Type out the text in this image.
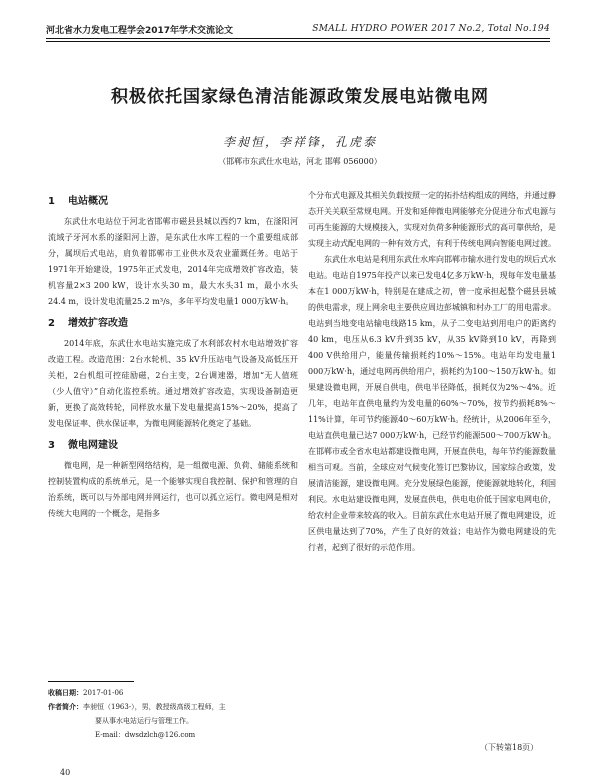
河北省水力发电工程学会2017年学术交流论文	SMALL HYDRO POWER 2017 No.2, Total No.194
积极依托国家绿色清洁能源政策发展电站微电网
李昶恒，李祥锋，孔虎泰
（邯郸市东武仕水电站，河北 邯郸 056000）
1 电站概况

东武仕水电站位于河北省邯郸市磁县县城以西约7 km，在滏阳河流域子牙河水系的滏阳河上游，是东武仕水库工程的一个重要组成部分，属坝后式电站，肩负着邯郸市工业供水及农业灌溉任务。电站于1971年开始建设，1975年正式发电，2014年完成增效扩容改造，装机容量2×3 200 kW，设计水头30 m，最大水头31 m，最小水头24.4 m，设计发电流量25.2 m³/s，多年平均发电量1 000万kW·h。

2 增效扩容改造

2014年底，东武仕水电站实施完成了水利部农村水电站增效扩容改造工程。改造范围：2台水轮机、35 kV升压站电气设备及高低压开关柜，2台机组可控硅励磁，2台主变，2台调速器，增加“无人值班（少人值守）”自动化监控系统。通过增效扩容改造，实现设备制造更新，更换了高效转轮，同样放水量下发电量提高15%～20%，提高了发电保证率、供水保证率，为微电网能源转化奠定了基础。

3 微电网建设

微电网，是一种新型网络结构，是一组微电源、负荷、储能系统和控制装置构成的系统单元，是一个能够实现自我控制、保护和管理的自治系统，既可以与外部电网并网运行，也可以孤立运行。微电网是相对传统大电网的一个概念，是指多

个分布式电源及其相关负载按照一定的拓扑结构组成的网络，并通过静态开关关联至常规电网。开发和延伸微电网能够充分促进分布式电源与可再生能源的大规模接入，实现对负荷多种能源形式的高可靠供给，是实现主动式配电网的一种有效方式，有利于传统电网向智能电网过渡。

东武仕水电站是利用东武仕水库向邯郸市输水进行发电的坝后式水电站。电站自1975年投产以来已发电4亿多万kW·h，现每年发电量基本在1 000万kW·h，特别是在建成之初，曾一度承担起整个磁县县城的供电需求，现上网余电主要供应周边彭城镇和村办工厂的用电需求。电站到当地变电站输电线路15 km，从子二变电站到用电户的距离约40 km，电压从6.3 kV升到35 kV，从35 kV降到10 kV，再降到400 V供给用户，能量传输损耗约10%～15%。电站年均发电量1 000万kW·h，通过电网再供给用户，损耗约为100～150万kW·h。如果建设微电网，开展自供电，供电半径降低，损耗仅为2%～4%。近几年，电站年直供电量约为发电量的60%～70%，按节约损耗8%～11%计算，年可节约能源40～60万kW·h。经统计，从2006年至今，电站直供电量已达7 000万kW·h，已经节约能源500～700万kW·h。在邯郸市或全省水电站都建设微电网，开展直供电，每年节约能源数量相当可观。当前，全球应对气候变化签订巴黎协议，国家综合政策，发展清洁能源，建设微电网。充分发展绿色能源，使能源就地转化，利国利民。水电站建设微电网，发展直供电，供电电价低于国家电网电价，给农村企业带来较高的收入。目前东武仕水电站开展了微电网建设，近区供电量达到了70%，产生了良好的效益；电站作为微电网建设的先行者，起到了很好的示范作用。

收稿日期：2017-01-06
作者简介：李昶恒（1963-），男，教授级高级工程师，主
要从事水电站运行与管理工作。
E-mail：dwsdzlch@126.com
（下转第18页）
40
